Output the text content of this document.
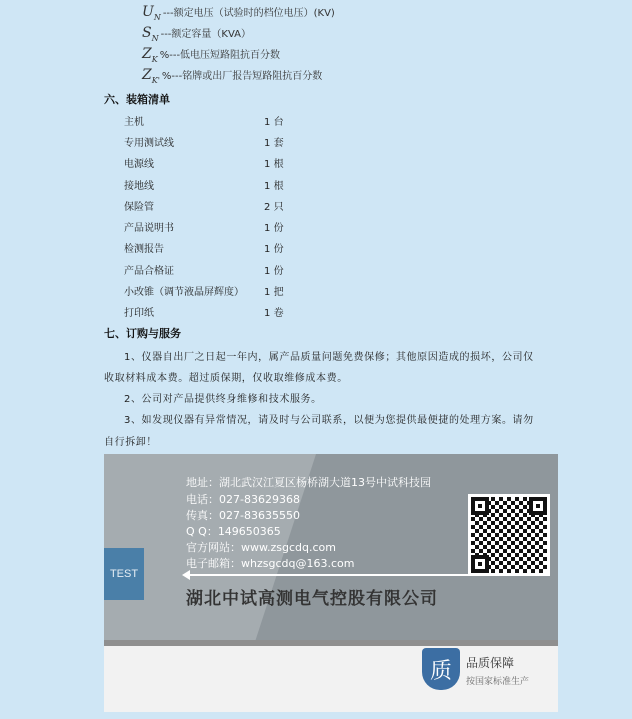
$U_N$ ---额定电压（试验时的档位电压）(KV)
$S_N$ ---额定容量（KVA）
$Z_K$ %---低电压短路阻抗百分数
$Z_{K'}$ %---铭牌或出厂报告短路阻抗百分数
六、装箱清单
主机	1 台
专用测试线	1 套
电源线	1 根
接地线	1 根
保险管	2 只
产品说明书	1 份
检测报告	1 份
产品合格证	1 份
小改锥（调节液晶屏辉度） 1 把
打印纸	1 卷
七、订购与服务
1、仪器自出厂之日起一年内，属产品质量问题免费保修；其他原因造成的损坏，公司仅
收取材料成本费。超过质保期，仅收取维修成本费。
2、公司对产品提供终身维修和技术服务。
3、如发现仪器有异常情况，请及时与公司联系，以便为您提供最便捷的处理方案。请勿
自行拆卸！
TEST
地址：湖北武汉江夏区杨桥湖大道13号中试科技园
电话：027-83629368
传真：027-83635550
Q Q：149650365
官方网站：www.zsgcdq.com
电子邮箱：whzsgcdq@163.com
湖北中试高测电气控股有限公司
质 品质保障
按国家标准生产
